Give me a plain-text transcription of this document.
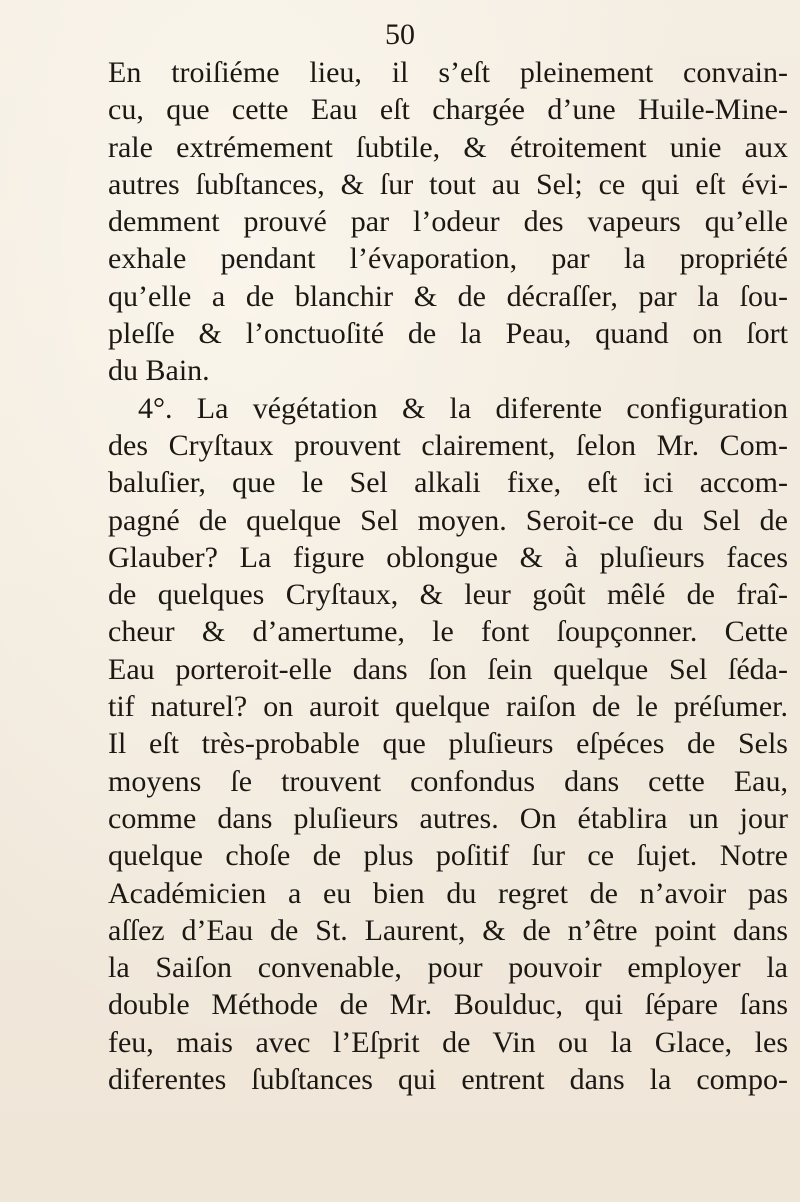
50
En troiſiéme lieu, il s’eſt pleinement convain-
cu, que cette Eau eſt chargée d’une Huile-Mine-
rale extrémement ſubtile, & étroitement unie aux
autres ſubſtances, & ſur tout au Sel; ce qui eſt évi-
demment prouvé par l’odeur des vapeurs qu’elle
exhale pendant l’évaporation, par la propriété
qu’elle a de blanchir & de décraſſer, par la ſou-
pleſſe & l’onctuoſité de la Peau, quand on ſort
du Bain.
4°. La végétation & la diferente configuration
des Cryſtaux prouvent clairement, ſelon Mr. Com-
baluſier, que le Sel alkali fixe, eſt ici accom-
pagné de quelque Sel moyen. Seroit-ce du Sel de
Glauber? La figure oblongue & à pluſieurs faces
de quelques Cryſtaux, & leur goût mêlé de fraî-
cheur & d’amertume, le font ſoupçonner. Cette
Eau porteroit-elle dans ſon ſein quelque Sel ſéda-
tif naturel? on auroit quelque raiſon de le préſumer.
Il eſt très-probable que pluſieurs eſpéces de Sels
moyens ſe trouvent confondus dans cette Eau,
comme dans pluſieurs autres. On établira un jour
quelque choſe de plus poſitif ſur ce ſujet. Notre
Académicien a eu bien du regret de n’avoir pas
aſſez d’Eau de St. Laurent, & de n’être point dans
la Saiſon convenable, pour pouvoir employer la
double Méthode de Mr. Boulduc, qui ſépare ſans
feu, mais avec l’Eſprit de Vin ou la Glace, les
diferentes ſubſtances qui entrent dans la compo-
